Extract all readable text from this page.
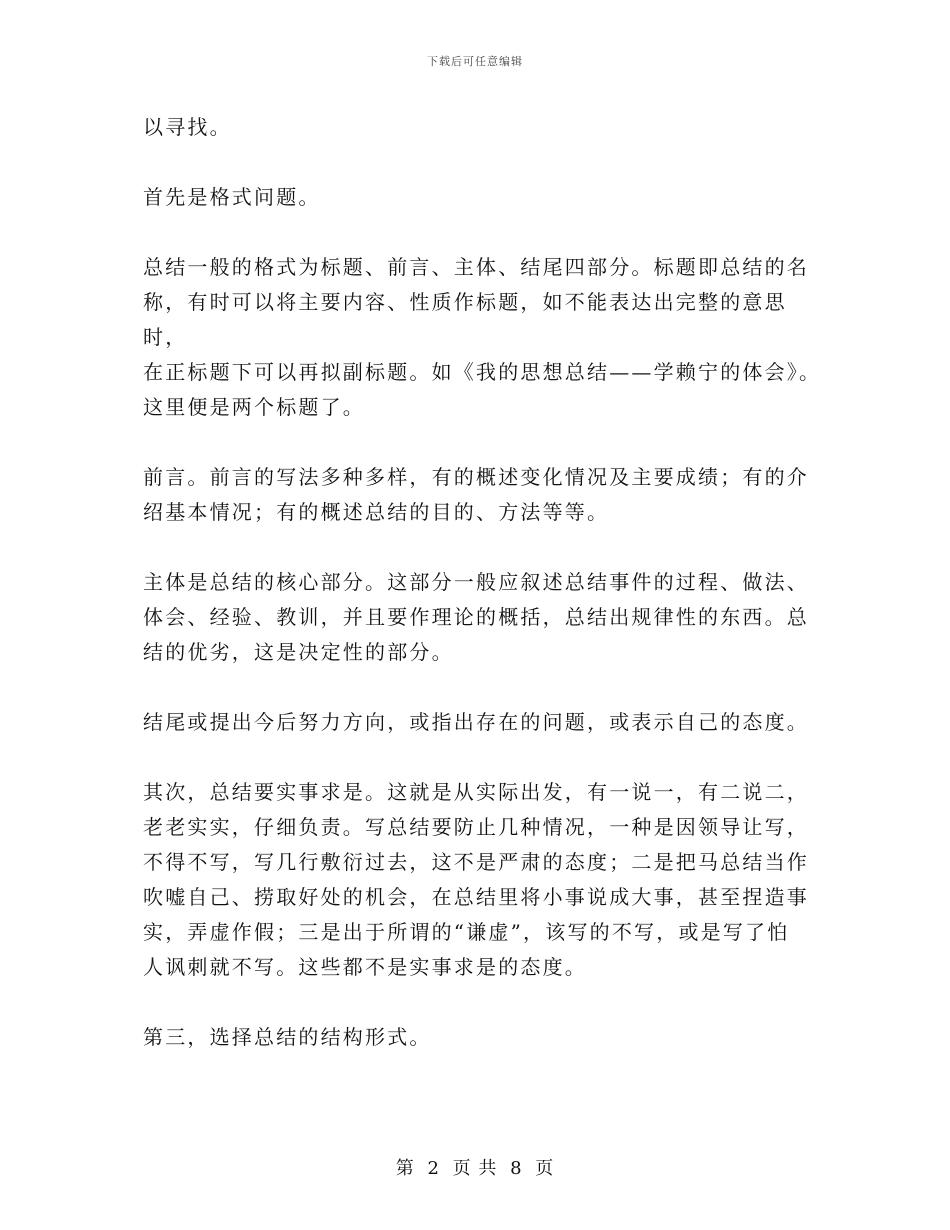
下载后可任意编辑

以寻找。

首先是格式问题。

总结一般的格式为标题、前言、主体、结尾四部分。标题即总结的名
称，有时可以将主要内容、性质作标题，如不能表达出完整的意思时，
在正标题下可以再拟副标题。如《我的思想总结——学赖宁的体会》。
这里便是两个标题了。

前言。前言的写法多种多样，有的概述变化情况及主要成绩；有的介
绍基本情况；有的概述总结的目的、方法等等。

主体是总结的核心部分。这部分一般应叙述总结事件的过程、做法、
体会、经验、教训，并且要作理论的概括，总结出规律性的东西。总
结的优劣，这是决定性的部分。

结尾或提出今后努力方向，或指出存在的问题，或表示自己的态度。

其次，总结要实事求是。这就是从实际出发，有一说一，有二说二，
老老实实，仔细负责。写总结要防止几种情况，一种是因领导让写，
不得不写，写几行敷衍过去，这不是严肃的态度；二是把马总结当作
吹嘘自己、捞取好处的机会，在总结里将小事说成大事，甚至捏造事
实，弄虚作假；三是出于所谓的“谦虚”，该写的不写，或是写了怕
人讽刺就不写。这些都不是实事求是的态度。

第三，选择总结的结构形式。

第 2 页 共 8 页
